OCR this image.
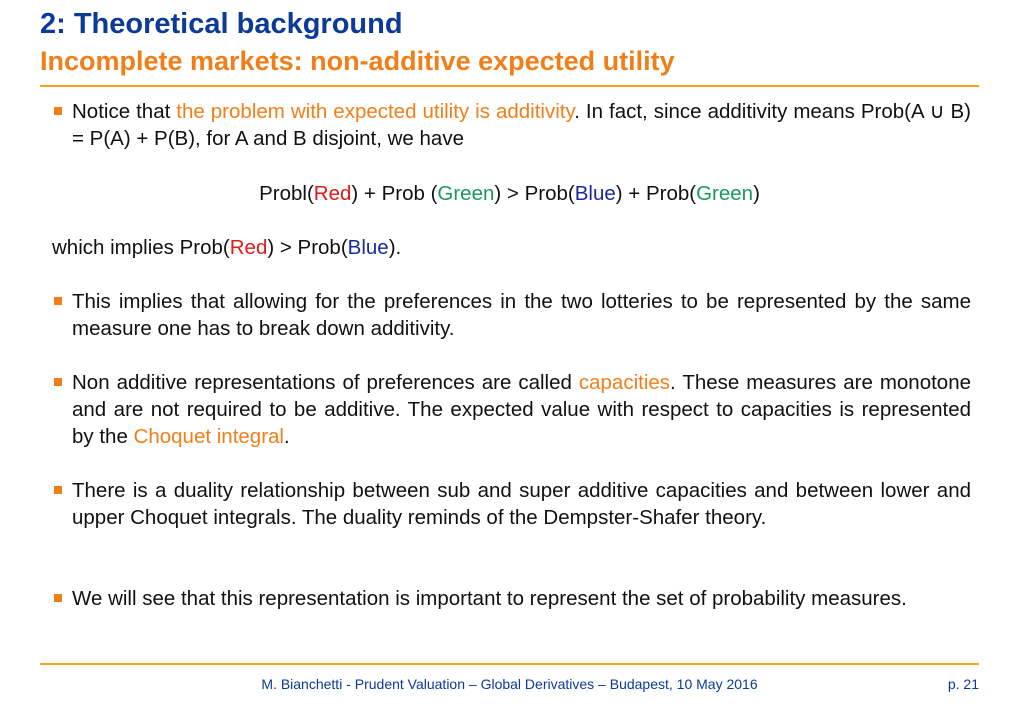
2: Theoretical background
Incomplete markets: non-additive expected utility
Notice that the problem with expected utility is additivity. In fact, since additivity means Prob(A ∪ B) = P(A) + P(B), for A and B disjoint, we have
Probl(Red) + Prob (Green) > Prob(Blue) + Prob(Green)
which implies Prob(Red) > Prob(Blue).
This implies that allowing for the preferences in the two lotteries to be represented by the same measure one has to break down additivity.
Non additive representations of preferences are called capacities. These measures are monotone and are not required to be additive. The expected value with respect to capacities is represented by the Choquet integral.
There is a duality relationship between sub and super additive capacities and between lower and upper Choquet integrals. The duality reminds of the Dempster-Shafer theory.
We will see that this representation is important to represent the set of probability measures.
M. Bianchetti - Prudent Valuation – Global Derivatives – Budapest, 10 May 2016	p. 21
